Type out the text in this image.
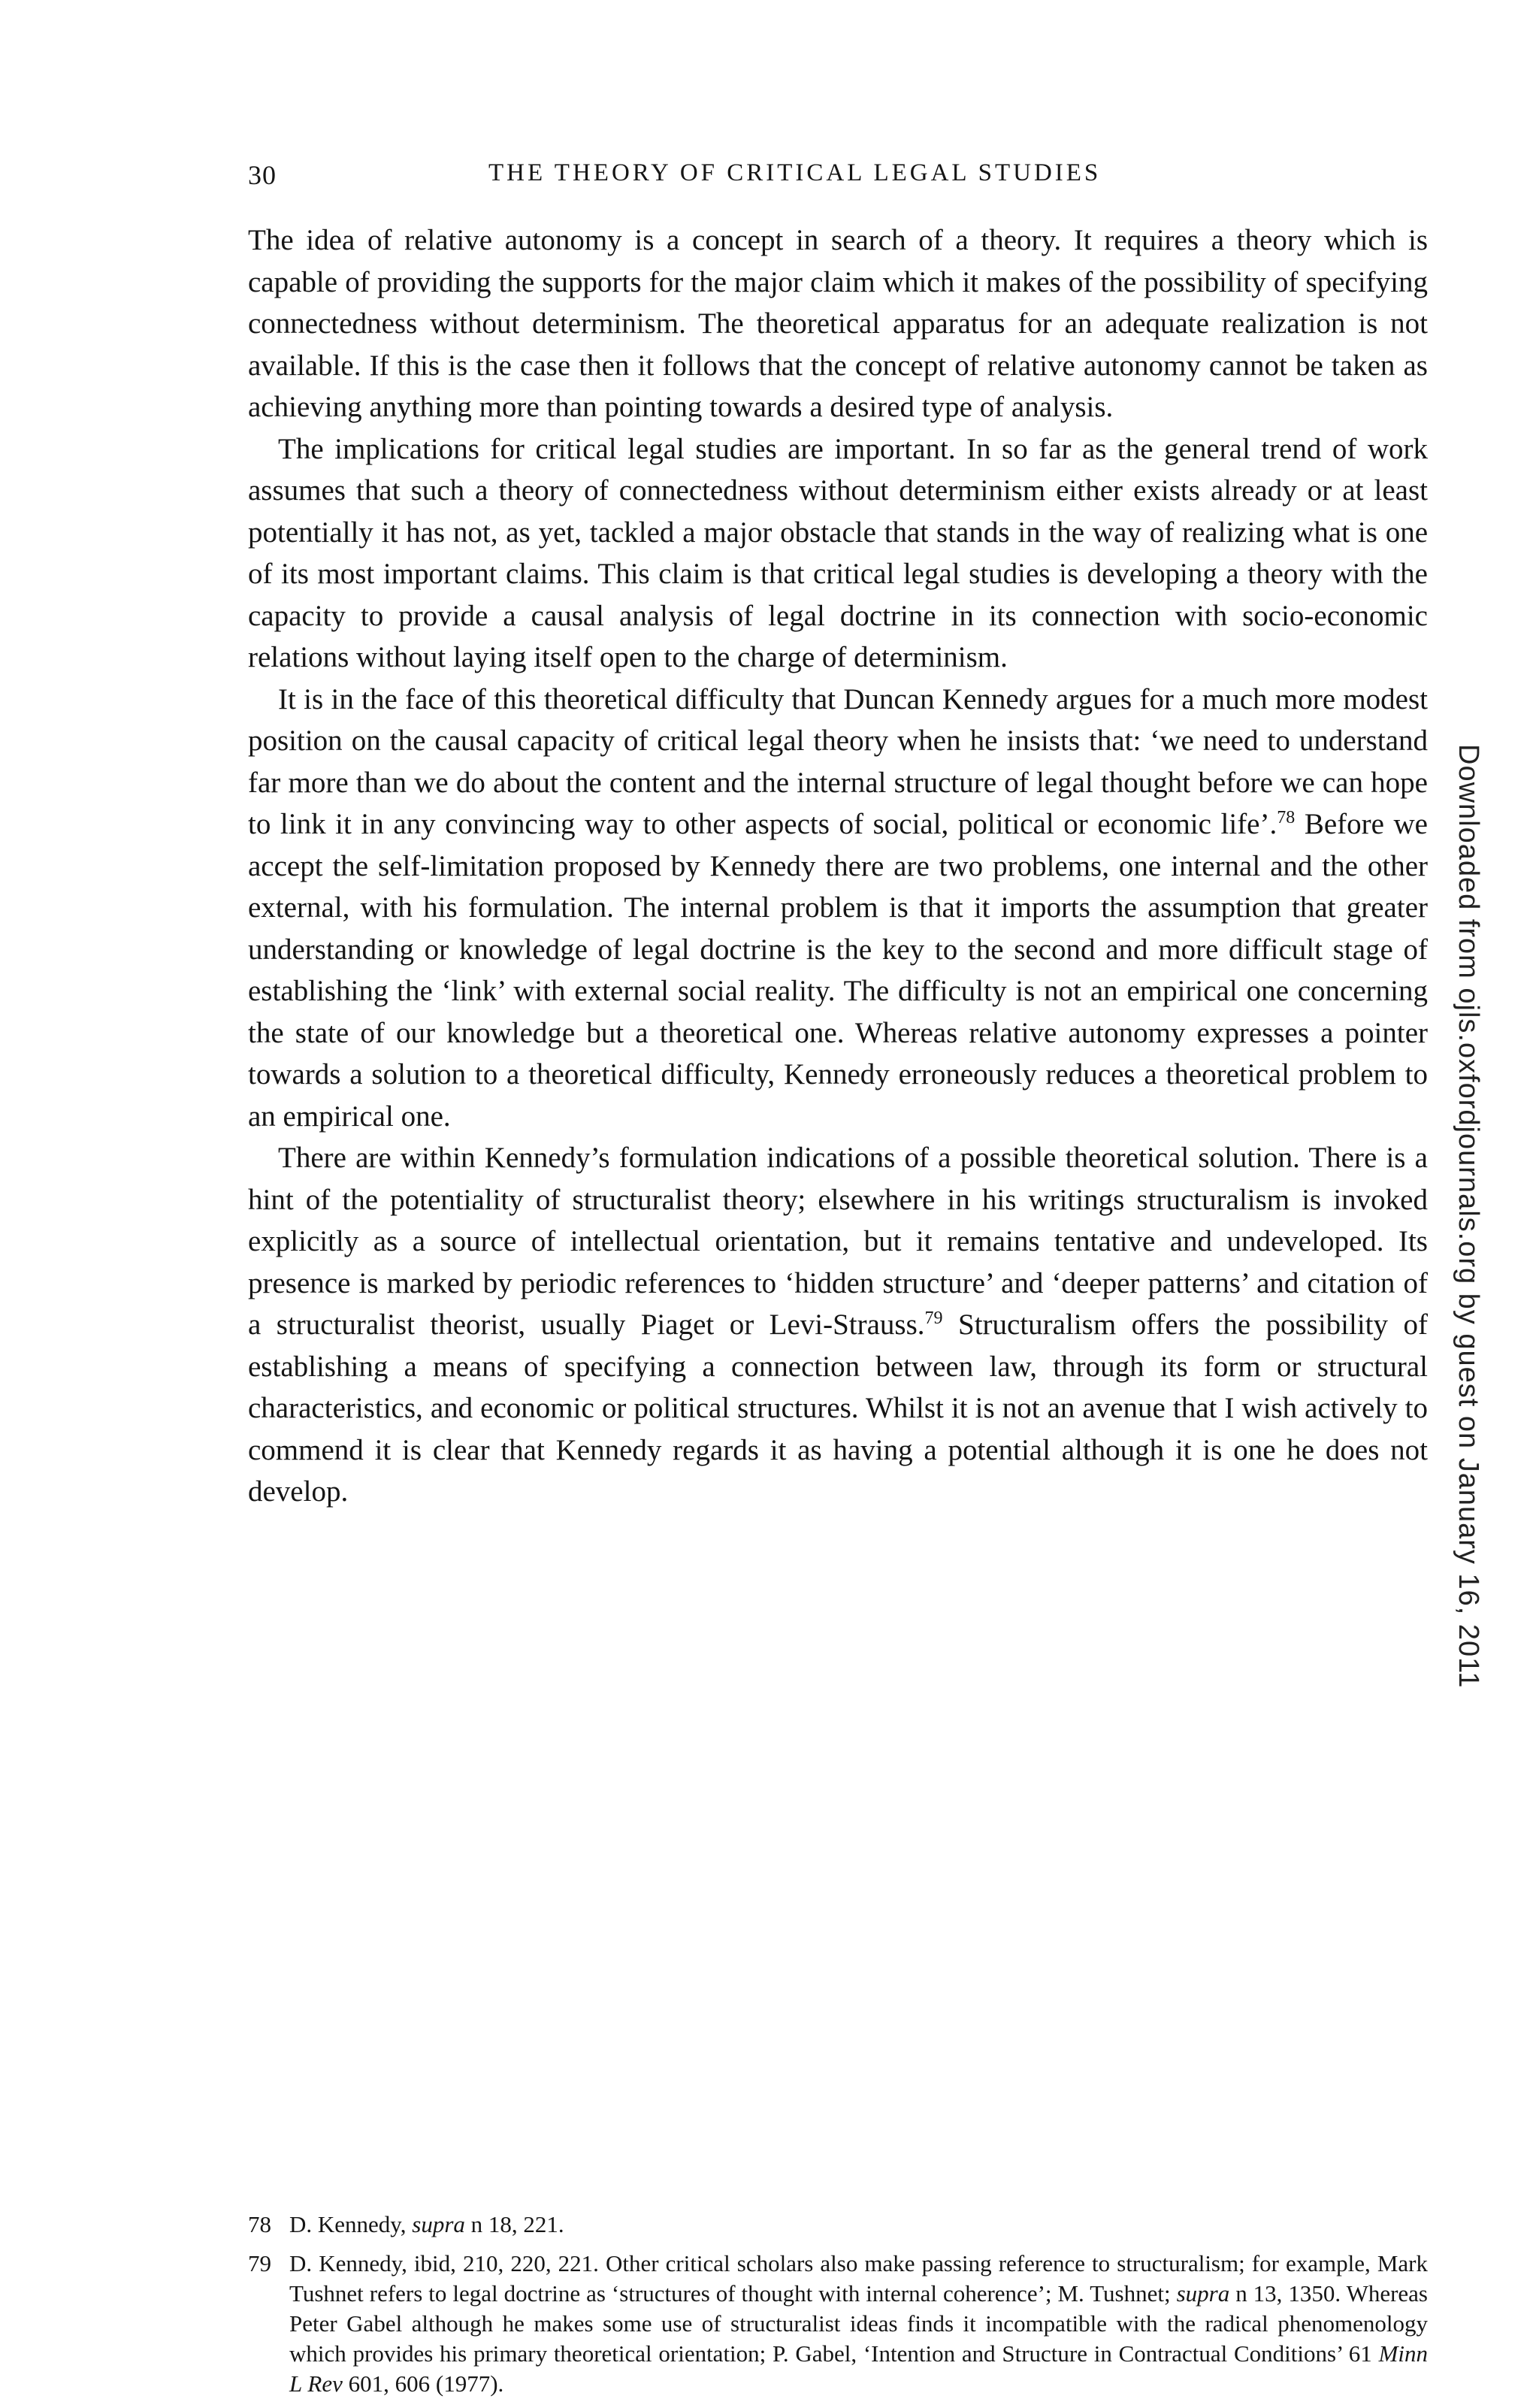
30	THE THEORY OF CRITICAL LEGAL STUDIES

The idea of relative autonomy is a concept in search of a theory. It requires a theory which is capable of providing the supports for the major claim which it makes of the possibility of specifying connectedness without determinism. The theoretical apparatus for an adequate realization is not available. If this is the case then it follows that the concept of relative autonomy cannot be taken as achieving anything more than pointing towards a desired type of analysis.

The implications for critical legal studies are important. In so far as the general trend of work assumes that such a theory of connectedness without determinism either exists already or at least potentially it has not, as yet, tackled a major obstacle that stands in the way of realizing what is one of its most important claims. This claim is that critical legal studies is developing a theory with the capacity to provide a causal analysis of legal doctrine in its connection with socio-economic relations without laying itself open to the charge of determinism.

It is in the face of this theoretical difficulty that Duncan Kennedy argues for a much more modest position on the causal capacity of critical legal theory when he insists that: ‘we need to understand far more than we do about the content and the internal structure of legal thought before we can hope to link it in any convincing way to other aspects of social, political or economic life’.$^{78}$ Before we accept the self-limitation proposed by Kennedy there are two problems, one internal and the other external, with his formulation. The internal problem is that it imports the assumption that greater understanding or knowledge of legal doctrine is the key to the second and more difficult stage of establishing the ‘link’ with external social reality. The difficulty is not an empirical one concerning the state of our knowledge but a theoretical one. Whereas relative autonomy expresses a pointer towards a solution to a theoretical difficulty, Kennedy erroneously reduces a theoretical problem to an empirical one.

There are within Kennedy’s formulation indications of a possible theoretical solution. There is a hint of the potentiality of structuralist theory; elsewhere in his writings structuralism is invoked explicitly as a source of intellectual orientation, but it remains tentative and undeveloped. Its presence is marked by periodic references to ‘hidden structure’ and ‘deeper patterns’ and citation of a structuralist theorist, usually Piaget or Levi-Strauss.$^{79}$ Structuralism offers the possibility of establishing a means of specifying a connection between law, through its form or structural characteristics, and economic or political structures. Whilst it is not an avenue that I wish actively to commend it is clear that Kennedy regards it as having a potential although it is one he does not develop.

78 D. Kennedy, supra n 18, 221.
79 D. Kennedy, ibid, 210, 220, 221. Other critical scholars also make passing reference to structuralism; for example, Mark Tushnet refers to legal doctrine as ‘structures of thought with internal coherence’; M. Tushnet; supra n 13, 1350. Whereas Peter Gabel although he makes some use of structuralist ideas finds it incompatible with the radical phenomenology which provides his primary theoretical orientation; P. Gabel, ‘Intention and Structure in Contractual Conditions’ 61 Minn L Rev 601, 606 (1977).
Downloaded from ojls.oxfordjournals.org by guest on January 16, 2011
